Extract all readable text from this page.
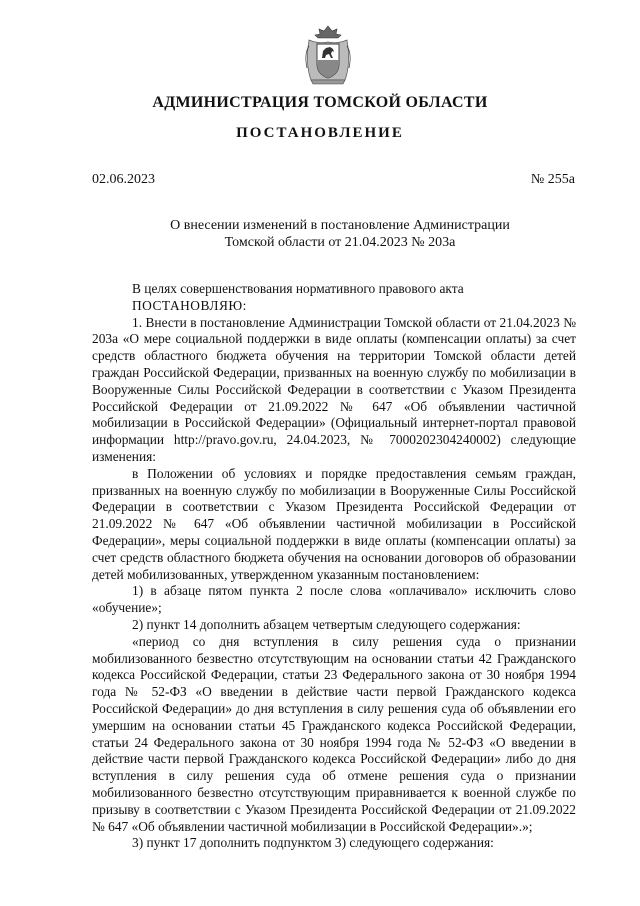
АДМИНИСТРАЦИЯ ТОМСКОЙ ОБЛАСТИ
ПОСТАНОВЛЕНИЕ
02.06.2023	№ 255а
О внесении изменений в постановление Администрации
Томской области от 21.04.2023 № 203а

В целях совершенствования нормативного правового акта

ПОСТАНОВЛЯЮ:

1. Внести в постановление Администрации Томской области от 21.04.2023 № 203а «О мере социальной поддержки в виде оплаты (компенсации оплаты) за счет средств областного бюджета обучения на территории Томской области детей граждан Российской Федерации, призванных на военную службу по мобилизации в Вооруженные Силы Российской Федерации в соответствии с Указом Президента Российской Федерации от 21.09.2022 № 647 «Об объявлении частичной мобилизации в Российской Федерации» (Официальный интернет-портал правовой информации http://pravo.gov.ru, 24.04.2023, № 7000202304240002) следующие изменения:

в Положении об условиях и порядке предоставления семьям граждан, призванных на военную службу по мобилизации в Вооруженные Силы Российской Федерации в соответствии с Указом Президента Российской Федерации от 21.09.2022 № 647 «Об объявлении частичной мобилизации в Российской Федерации», меры социальной поддержки в виде оплаты (компенсации оплаты) за счет средств областного бюджета обучения на основании договоров об образовании детей мобилизованных, утвержденном указанным постановлением:

1) в абзаце пятом пункта 2 после слова «оплачивало» исключить слово «обучение»;

2) пункт 14 дополнить абзацем четвертым следующего содержания:

«период со дня вступления в силу решения суда о признании мобилизованного безвестно отсутствующим на основании статьи 42 Гражданского кодекса Российской Федерации, статьи 23 Федерального закона от 30 ноября 1994 года № 52-ФЗ «О введении в действие части первой Гражданского кодекса Российской Федерации» до дня вступления в силу решения суда об объявлении его умершим на основании статьи 45 Гражданского кодекса Российской Федерации, статьи 24 Федерального закона от 30 ноября 1994 года № 52-ФЗ «О введении в действие части первой Гражданского кодекса Российской Федерации» либо до дня вступления в силу решения суда об отмене решения суда о признании мобилизованного безвестно отсутствующим приравнивается к военной службе по призыву в соответствии с Указом Президента Российской Федерации от 21.09.2022 № 647 «Об объявлении частичной мобилизации в Российской Федерации».»;

3) пункт 17 дополнить подпунктом 3) следующего содержания:
